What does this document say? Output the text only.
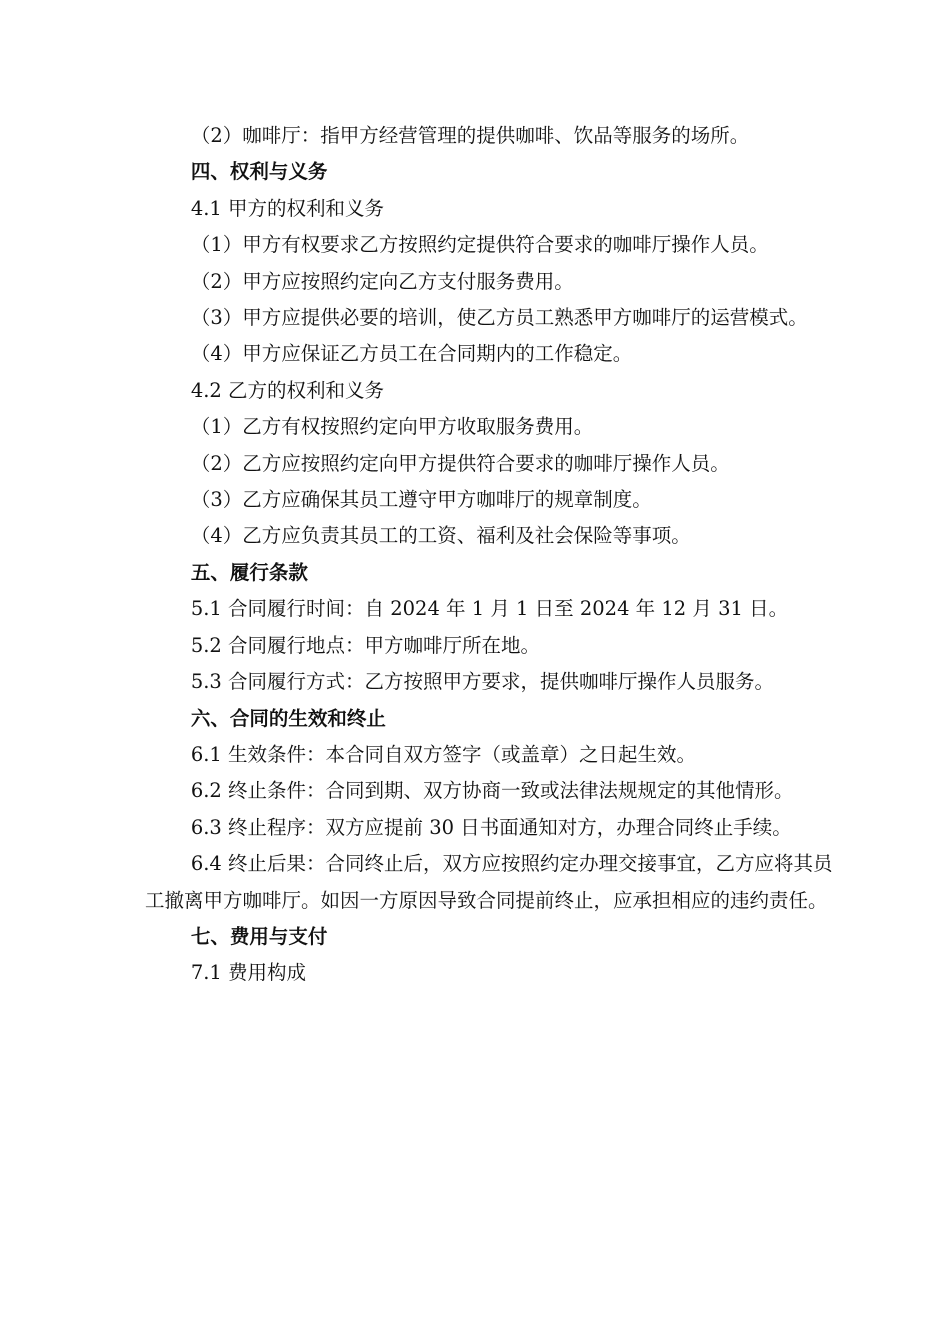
（2）咖啡厅：指甲方经营管理的提供咖啡、饮品等服务的场所。

四、权利与义务

4.1 甲方的权利和义务

（1）甲方有权要求乙方按照约定提供符合要求的咖啡厅操作人员。

（2）甲方应按照约定向乙方支付服务费用。

（3）甲方应提供必要的培训，使乙方员工熟悉甲方咖啡厅的运营模式。

（4）甲方应保证乙方员工在合同期内的工作稳定。

4.2 乙方的权利和义务

（1）乙方有权按照约定向甲方收取服务费用。

（2）乙方应按照约定向甲方提供符合要求的咖啡厅操作人员。

（3）乙方应确保其员工遵守甲方咖啡厅的规章制度。

（4）乙方应负责其员工的工资、福利及社会保险等事项。

五、履行条款

5.1 合同履行时间：自 2024 年 1 月 1 日至 2024 年 12 月 31 日。

5.2 合同履行地点：甲方咖啡厅所在地。

5.3 合同履行方式：乙方按照甲方要求，提供咖啡厅操作人员服务。

六、合同的生效和终止

6.1 生效条件：本合同自双方签字（或盖章）之日起生效。

6.2 终止条件：合同到期、双方协商一致或法律法规规定的其他情形。

6.3 终止程序：双方应提前 30 日书面通知对方，办理合同终止手续。

6.4 终止后果：合同终止后，双方应按照约定办理交接事宜，乙方应将其员工撤离甲方咖啡厅。如因一方原因导致合同提前终止，应承担相应的违约责任。

七、费用与支付

7.1 费用构成
